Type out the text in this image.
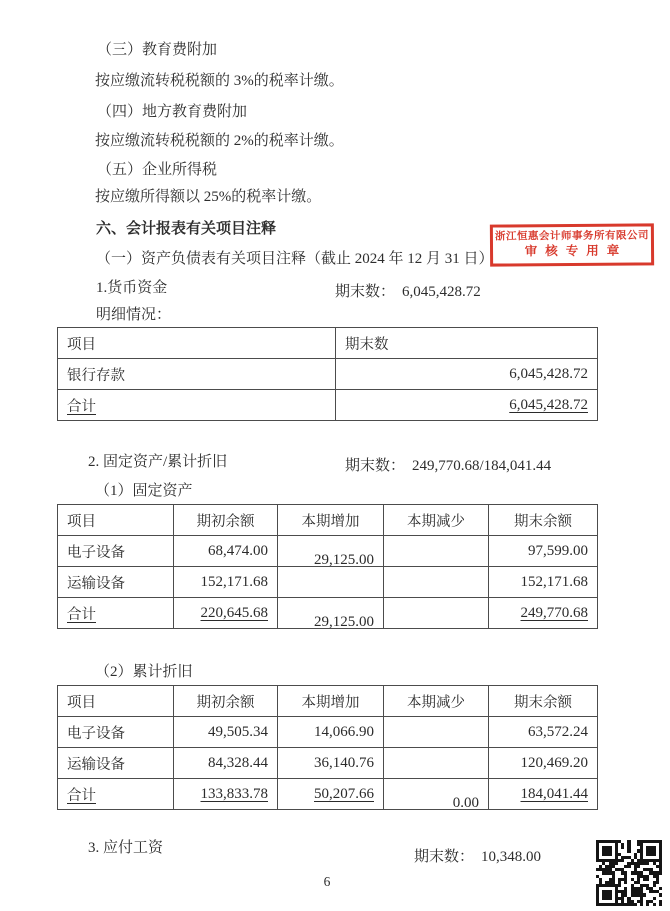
（三）教育费附加
按应缴流转税税额的 3%的税率计缴。
（四）地方教育费附加
按应缴流转税税额的 2%的税率计缴。
（五）企业所得税
按应缴所得额以 25%的税率计缴。
六、会计报表有关项目注释	浙江恒惠会计师事务所有限公司
审核专用章
（一）资产负债表有关项目注释（截止 2024 年 12 月 31 日）
1.货币资金	期末数： 6,045,428.72
明细情况：
项目	期末数
银行存款	6,045,428.72
合计	6,045,428.72
2. 固定资产/累计折旧	期末数： 249,770.68/184,041.44
（1）固定资产
项目	期初余额	本期增加	本期减少	期末余额
电子设备	68,474.00	29,125.00		97,599.00
运输设备	152,171.68			152,171.68
合计	220,645.68	29,125.00		249,770.68
（2）累计折旧
项目	期初余额	本期增加	本期减少	期末余额
电子设备	49,505.34	14,066.90		63,572.24
运输设备	84,328.44	36,140.76		120,469.20
合计	133,833.78	50,207.66	0.00	184,041.44
3. 应付工资
期末数： 10,348.00
6
